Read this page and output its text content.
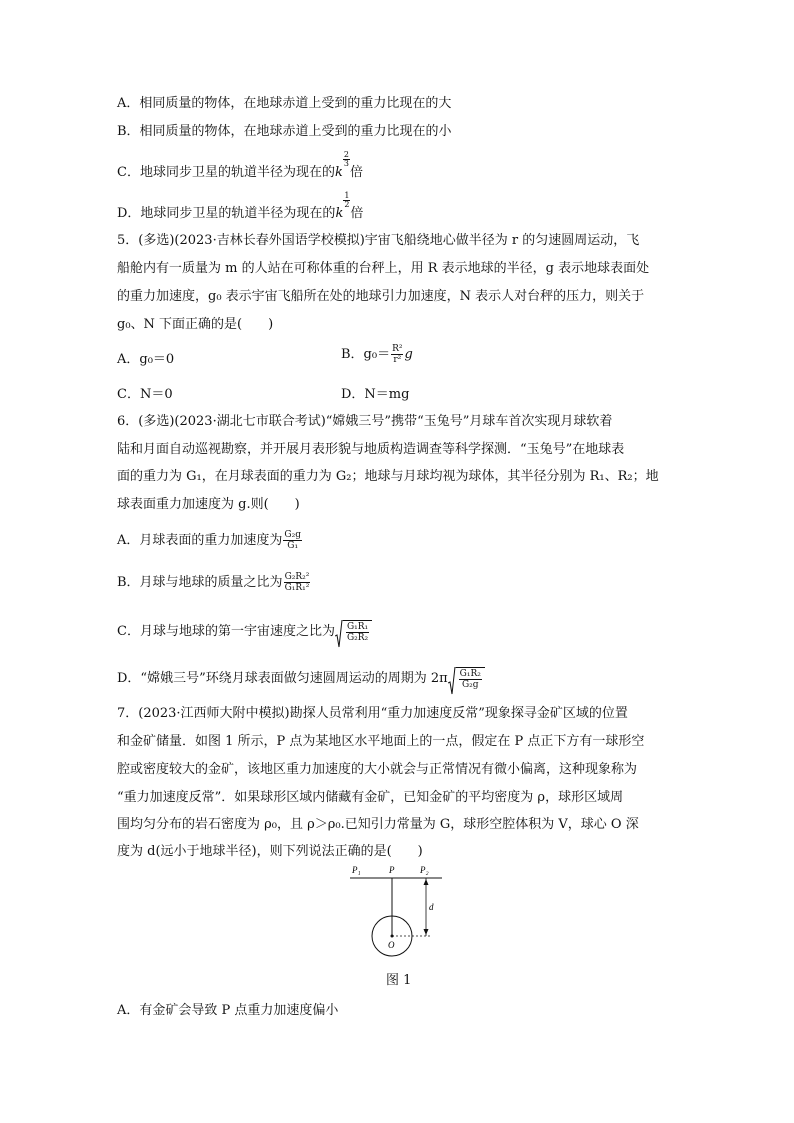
A．相同质量的物体，在地球赤道上受到的重力比现在的大
B．相同质量的物体，在地球赤道上受到的重力比现在的小
C．地球同步卫星的轨道半径为现在的k
$\frac{2}{3}$
倍
D．地球同步卫星的轨道半径为现在的k
$\frac{1}{2}$
倍
5．(多选)(2023·吉林长春外国语学校模拟)宇宙飞船绕地心做半径为 r 的匀速圆周运动，飞
船舱内有一质量为 m 的人站在可称体重的台秤上，用 R 表示地球的半径，g 表示地球表面处
的重力加速度，g₀ 表示宇宙飞船所在处的地球引力加速度，N 表示人对台秤的压力，则关于
g₀、N 下面正确的是(　　)
A．g₀＝0	B．$g_0= \frac{\text{R²}}{\text{r²}}$ g
C．N＝0	D．N＝mg
6．(多选)(2023·湖北七市联合考试)“嫦娥三号”携带“玉兔号”月球车首次实现月球软着
陆和月面自动巡视勘察，并开展月表形貌与地质构造调查等科学探测．“玉兔号”在地球表
面的重力为 G₁，在月球表面的重力为 G₂；地球与月球均视为球体，其半径分别为 R₁、R₂；地
球表面重力加速度为 g.则(　　)
A．月球表面的重力加速度为 $\frac{\text{G₂g}}{\text{G₁}}$
B．月球与地球的质量之比为 $\frac{\text{G₂R₂²}}{\text{G₁R₁²}}$
C．月球与地球的第一宇宙速度之比为 $\frac{\text{G₁R₁}}{\text{G₂R₂}}$
D．“嫦娥三号”环绕月球表面做匀速圆周运动的周期为 $2\pi \frac{\text{G₁R₂}}{\text{G₂g}}$
7．(2023·江西师大附中模拟)勘探人员常利用“重力加速度反常”现象探寻金矿区域的位置
和金矿储量．如图 1 所示，P 点为某地区水平地面上的一点，假定在 P 点正下方有一球形空
腔或密度较大的金矿，该地区重力加速度的大小就会与正常情况有微小偏离，这种现象称为
“重力加速度反常”．如果球形区域内储藏有金矿，已知金矿的平均密度为 ρ，球形区域周
围均匀分布的岩石密度为 ρ₀，且 ρ＞ρ₀.已知引力常量为 G，球形空腔体积为 V，球心 O 深
度为 d(远小于地球半径)，则下列说法正确的是(　　)
P₁	P	P₂
d
O
图 1
A．有金矿会导致 P 点重力加速度偏小
